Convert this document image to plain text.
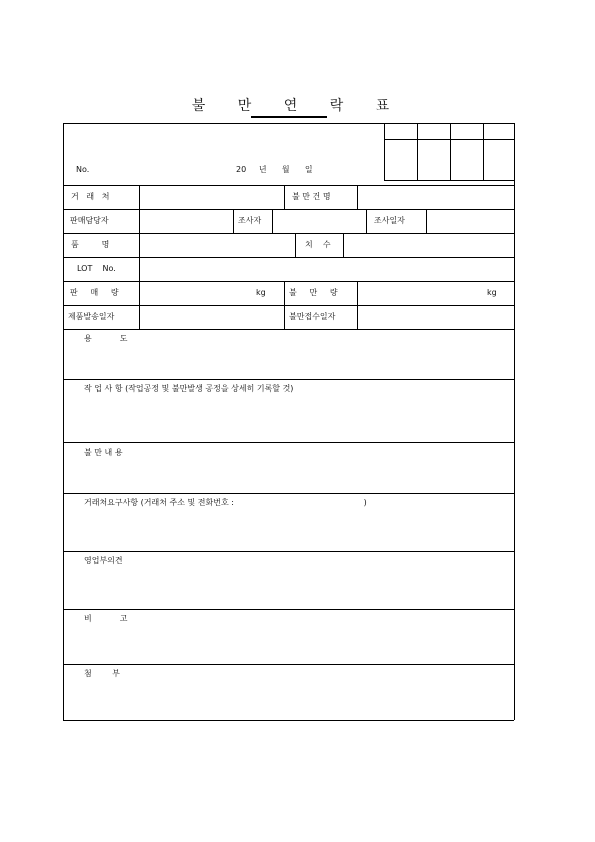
불 만 연 락 표
No.	20     년      월      일
거   래   처	불 만 건 명
판매담당자	조사자	조사일자
품         명	치    수
LOT    No.
판     매     량	kg	불     만     량	kg
제품발송일자	불만접수일자
용           도
작 업 사 항 (작업공정 및 불만발생 공정을 상세히 기록할 것)
불 만 내 용
거래처요구사항 (거래처 주소 및 전화번호 :                                                   )
영업부의견
비           고
첨        부
